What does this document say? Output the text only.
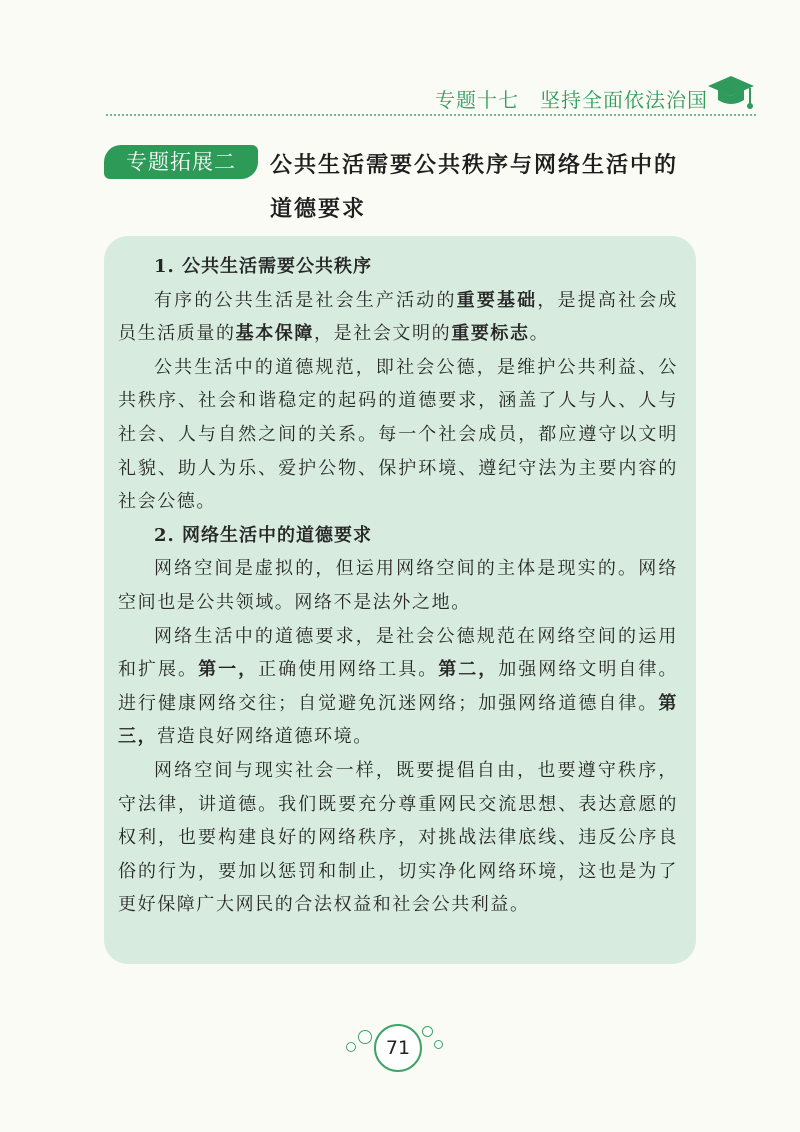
专题十七　坚持全面依法治国
专题拓展二	公共生活需要公共秩序与网络生活中的道德要求

1. 公共生活需要公共秩序

有序的公共生活是社会生产活动的重要基础，是提高社会成员生活质量的基本保障，是社会文明的重要标志。

公共生活中的道德规范，即社会公德，是维护公共利益、公共秩序、社会和谐稳定的起码的道德要求，涵盖了人与人、人与社会、人与自然之间的关系。每一个社会成员，都应遵守以文明礼貌、助人为乐、爱护公物、保护环境、遵纪守法为主要内容的社会公德。

2. 网络生活中的道德要求

网络空间是虚拟的，但运用网络空间的主体是现实的。网络空间也是公共领域。网络不是法外之地。

网络生活中的道德要求，是社会公德规范在网络空间的运用和扩展。第一，正确使用网络工具。第二，加强网络文明自律。进行健康网络交往；自觉避免沉迷网络；加强网络道德自律。第三，营造良好网络道德环境。

网络空间与现实社会一样，既要提倡自由，也要遵守秩序，守法律，讲道德。我们既要充分尊重网民交流思想、表达意愿的权利，也要构建良好的网络秩序，对挑战法律底线、违反公序良俗的行为，要加以惩罚和制止，切实净化网络环境，这也是为了更好保障广大网民的合法权益和社会公共利益。

71
